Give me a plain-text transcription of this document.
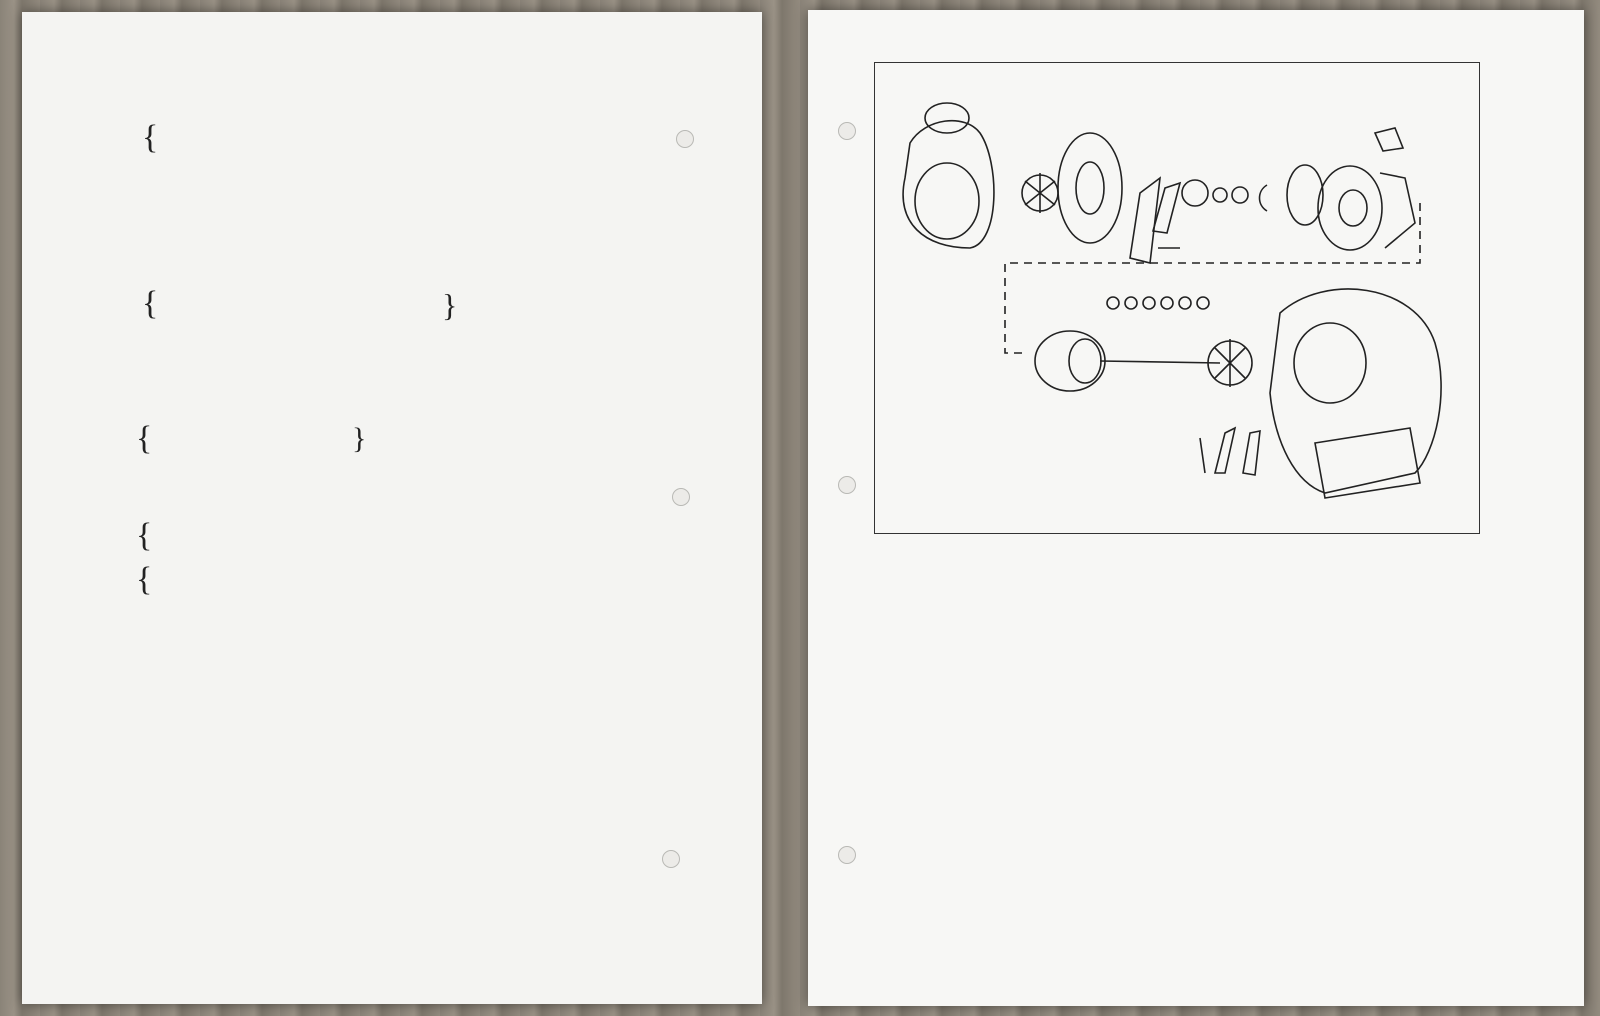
{
{	}
{	}
{
{
